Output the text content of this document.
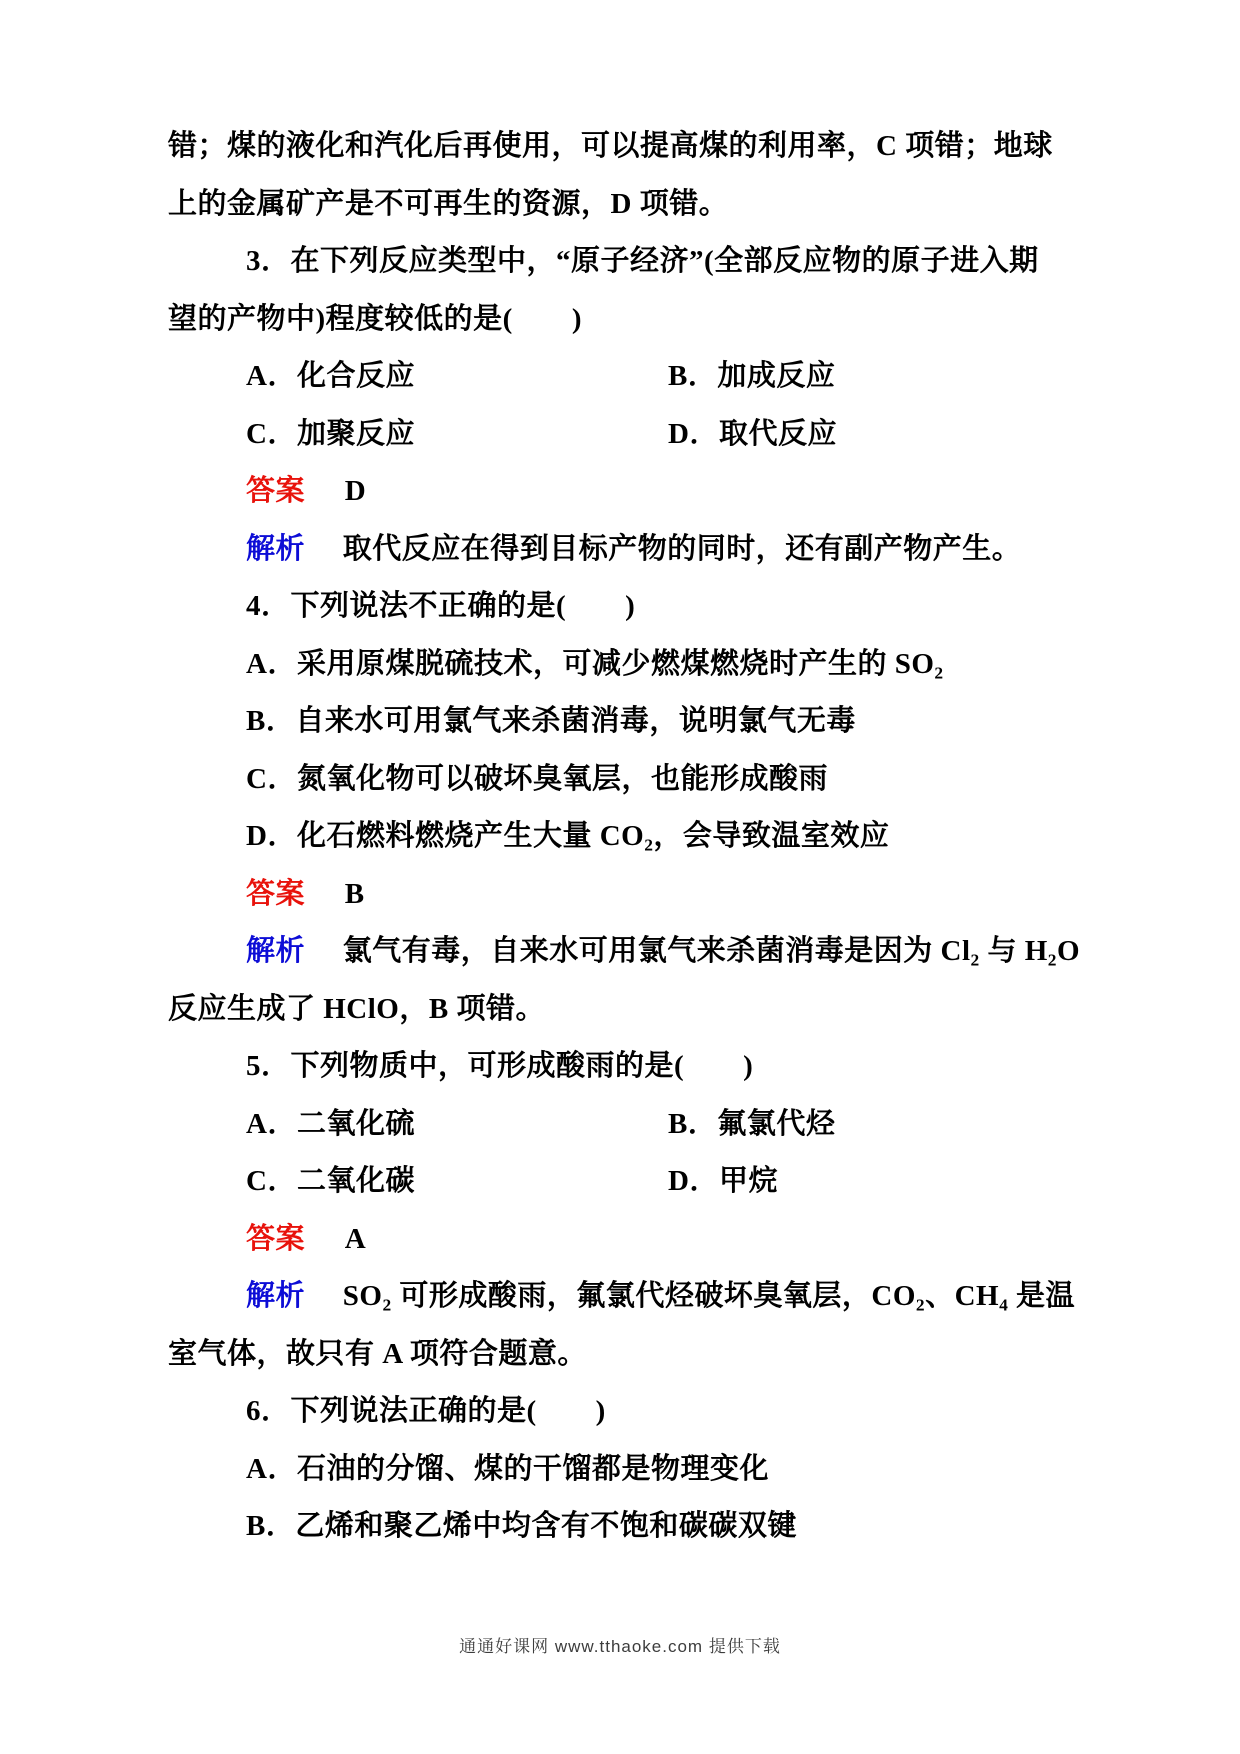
错；煤的液化和汽化后再使用，可以提高煤的利用率，C 项错；地球
上的金属矿产是不可再生的资源，D 项错。
3．在下列反应类型中，“原子经济”(全部反应物的原子进入期
望的产物中)程度较低的是(　　)
A．化合反应	B．加成反应
C．加聚反应	D．取代反应
答案 D
解析 取代反应在得到目标产物的同时，还有副产物产生。
4．下列说法不正确的是(　　)
A．采用原煤脱硫技术，可减少燃煤燃烧时产生的 SO₂
B．自来水可用氯气来杀菌消毒，说明氯气无毒
C．氮氧化物可以破坏臭氧层，也能形成酸雨
D．化石燃料燃烧产生大量 CO₂，会导致温室效应
答案 B
解析 氯气有毒，自来水可用氯气来杀菌消毒是因为 Cl₂ 与 H₂O
反应生成了 HClO，B 项错。
5．下列物质中，可形成酸雨的是(　　)
A．二氧化硫	B．氟氯代烃
C．二氧化碳	D．甲烷
答案 A
解析 SO₂ 可形成酸雨，氟氯代烃破坏臭氧层，CO₂、CH₄ 是温
室气体，故只有 A 项符合题意。
6．下列说法正确的是(　　)
A．石油的分馏、煤的干馏都是物理变化
B．乙烯和聚乙烯中均含有不饱和碳碳双键
通通好课网 www.tthaoke.com 提供下载
